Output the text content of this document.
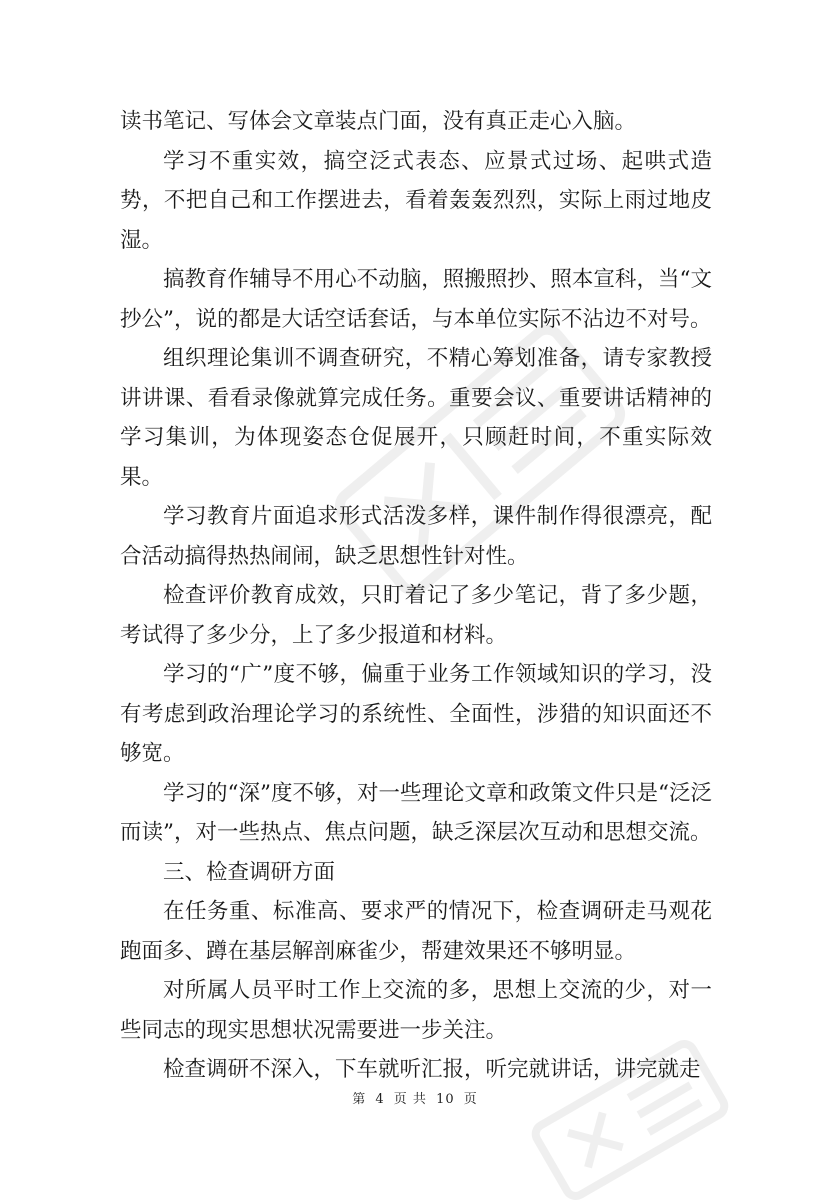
读书笔记、写体会文章装点门面，没有真正走心入脑。

学习不重实效，搞空泛式表态、应景式过场、起哄式造势，不把自己和工作摆进去，看着轰轰烈烈，实际上雨过地皮湿。

搞教育作辅导不用心不动脑，照搬照抄、照本宣科，当“文抄公”，说的都是大话空话套话，与本单位实际不沾边不对号。

组织理论集训不调查研究，不精心筹划准备，请专家教授讲讲课、看看录像就算完成任务。重要会议、重要讲话精神的学习集训，为体现姿态仓促展开，只顾赶时间，不重实际效果。

学习教育片面追求形式活泼多样，课件制作得很漂亮，配合活动搞得热热闹闹，缺乏思想性针对性。

检查评价教育成效，只盯着记了多少笔记，背了多少题，考试得了多少分，上了多少报道和材料。

学习的“广”度不够，偏重于业务工作领域知识的学习，没有考虑到政治理论学习的系统性、全面性，涉猎的知识面还不够宽。

学习的“深”度不够，对一些理论文章和政策文件只是“泛泛而读”，对一些热点、焦点问题，缺乏深层次互动和思想交流。

三、检查调研方面

在任务重、标准高、要求严的情况下，检查调研走马观花跑面多、蹲在基层解剖麻雀少，帮建效果还不够明显。

对所属人员平时工作上交流的多，思想上交流的少，对一些同志的现实思想状况需要进一步关注。

检查调研不深入，下车就听汇报，听完就讲话，讲完就走

第 4 页 共 10 页
